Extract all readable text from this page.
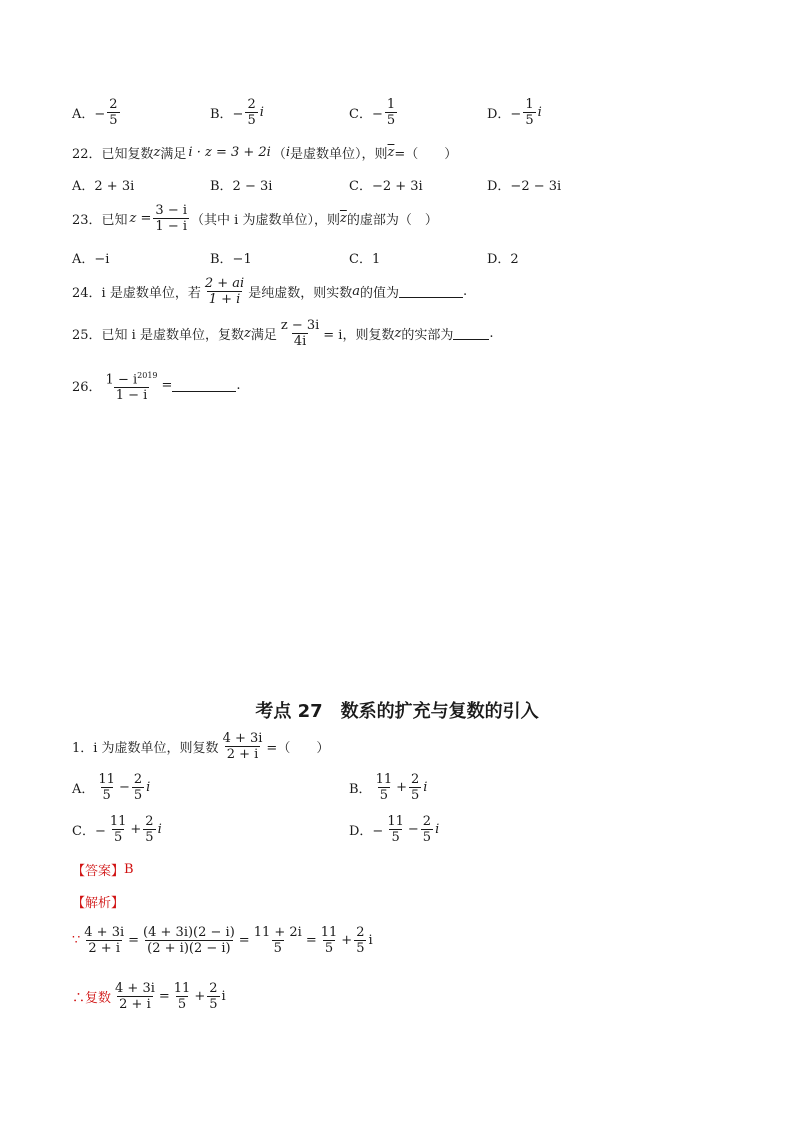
A．− $\frac{2}{5}$	B．− $\frac{2}{5}$ i	C．− $\frac{1}{5}$	D．− $\frac{1}{5}$ i
22．已知复数 z 满足 i · z = 3 + 2i （ i 是虚数单位），则 $\overline{z}$ =（　　）
A．2 + 3i	B．2 − 3i	C．−2 + 3i	D．−2 − 3i
23．已知 $z = \frac{3 - i}{1 - i}$ （其中 i 为虚数单位），则 $\overline{z}$ 的虚部为（　）
A．−i	B．−1	C．1	D．2
24．i 是虚数单位，若 $\frac{2 + ai}{1 + i}$ 是纯虚数，则实数 a 的值为	.
25．已知 i 是虚数单位，复数 z 满足 $\frac{z - 3i}{4i} = i$，则复数 z 的实部为	.
26． $\frac{1 - i^{2019}}{1 - i}$ =	.
考点 27　数系的扩充与复数的引入
1．i 为虚数单位，则复数 $\frac{4 + 3i}{2 + i}$ =（　　）
A． $\frac{11}{5} - \frac{2}{5}$ i	B． $\frac{11}{5} + \frac{2}{5}$ i
C．− $\frac{11}{5} + \frac{2}{5}$ i	D．− $\frac{11}{5} - \frac{2}{5}$ i
【答案】 B
【解析】
∵ $\frac{4 + 3i}{2 + i} = \frac{(4 + 3i)(2 - i)}{(2 + i)(2 - i)} = \frac{11 + 2i}{5} = \frac{11}{5} + \frac{2}{5}$ i
∴复数 $\frac{4 + 3i}{2 + i} = \frac{11}{5} + \frac{2}{5}$ i
